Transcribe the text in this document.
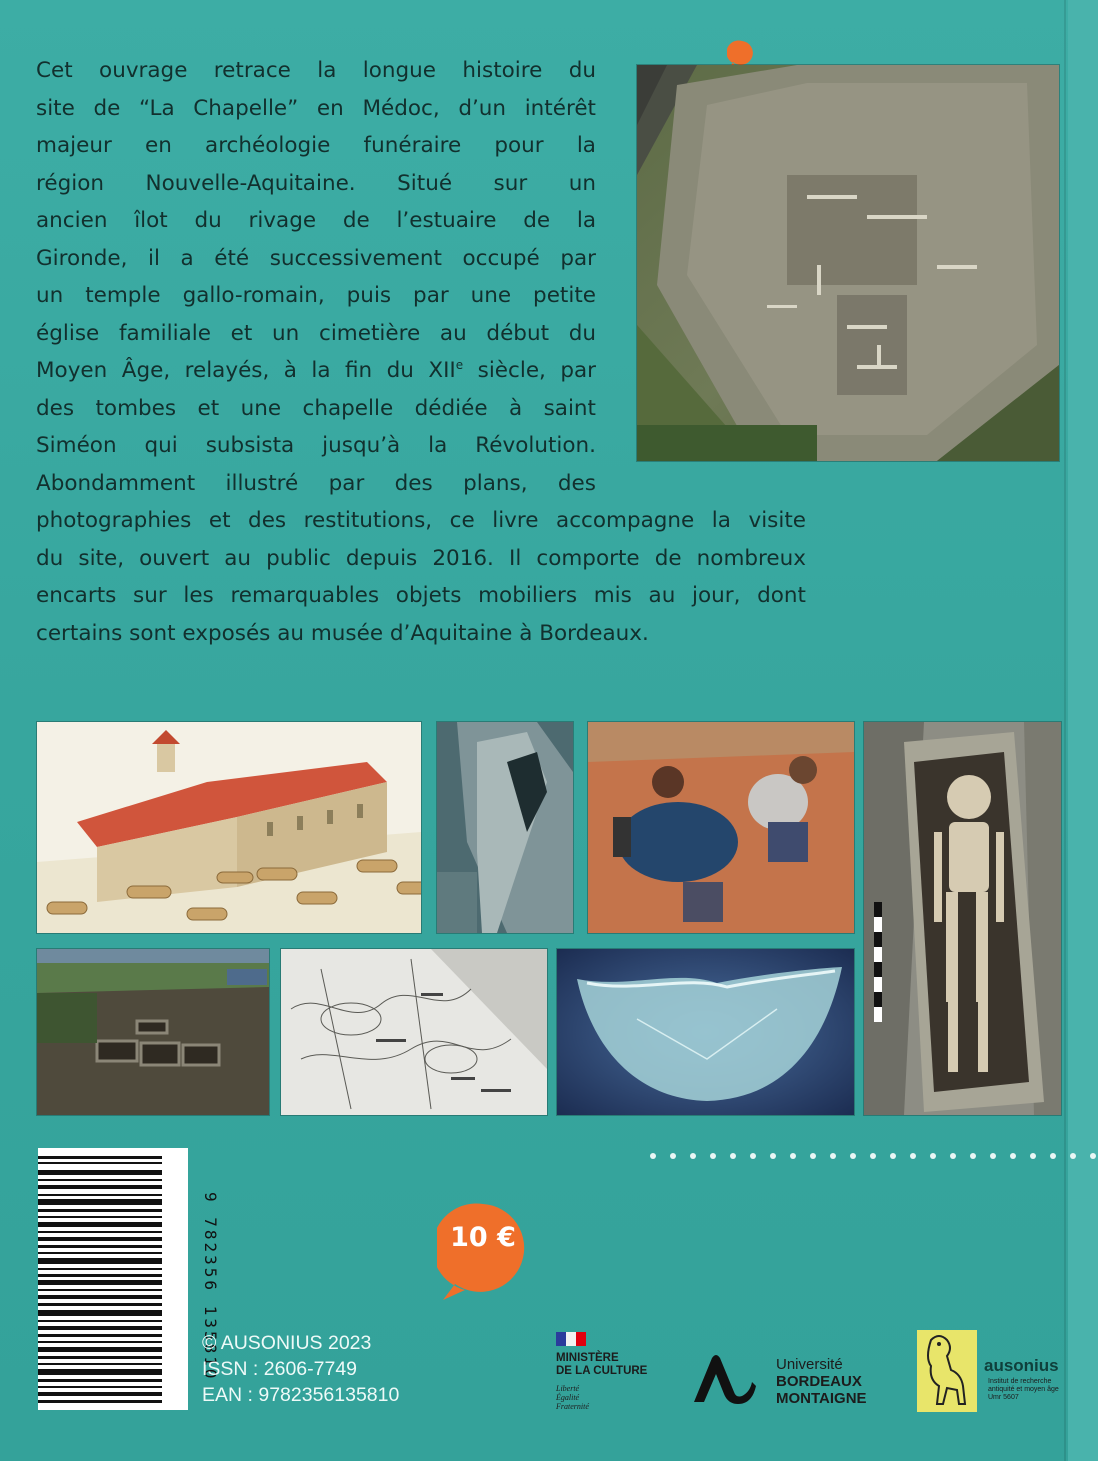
Cet ouvrage retrace la longue histoire du
site de “La Chapelle” en Médoc, d’un intérêt
majeur en archéologie funéraire pour la
région Nouvelle-Aquitaine. Situé sur un
ancien îlot du rivage de l’estuaire de la
Gironde, il a été successivement occupé par
un temple gallo-romain, puis par une petite
église familiale et un cimetière au début du
Moyen Âge, relayés, à la fin du XIIe siècle, par
des tombes et une chapelle dédiée à saint
Siméon qui subsista jusqu’à la Révolution.
Abondamment illustré par des plans, des
photographies et des restitutions, ce livre accompagne la visite
du site, ouvert au public depuis 2016. Il comporte de nombreux
encarts sur les remarquables objets mobiliers mis au jour, dont
certains sont exposés au musée d’Aquitaine à Bordeaux.
9 782356 135810	10 €
© AUSONIUS 2023
ISSN : 2606-7749
EAN : 9782356135810
MINISTÈRE
DE LA CULTURE
Liberté
Égalité
Fraternité
Université
BORDEAUX
MONTAIGNE
ausonius
Institut de recherche
antiquité et moyen âge
Umr 5607
